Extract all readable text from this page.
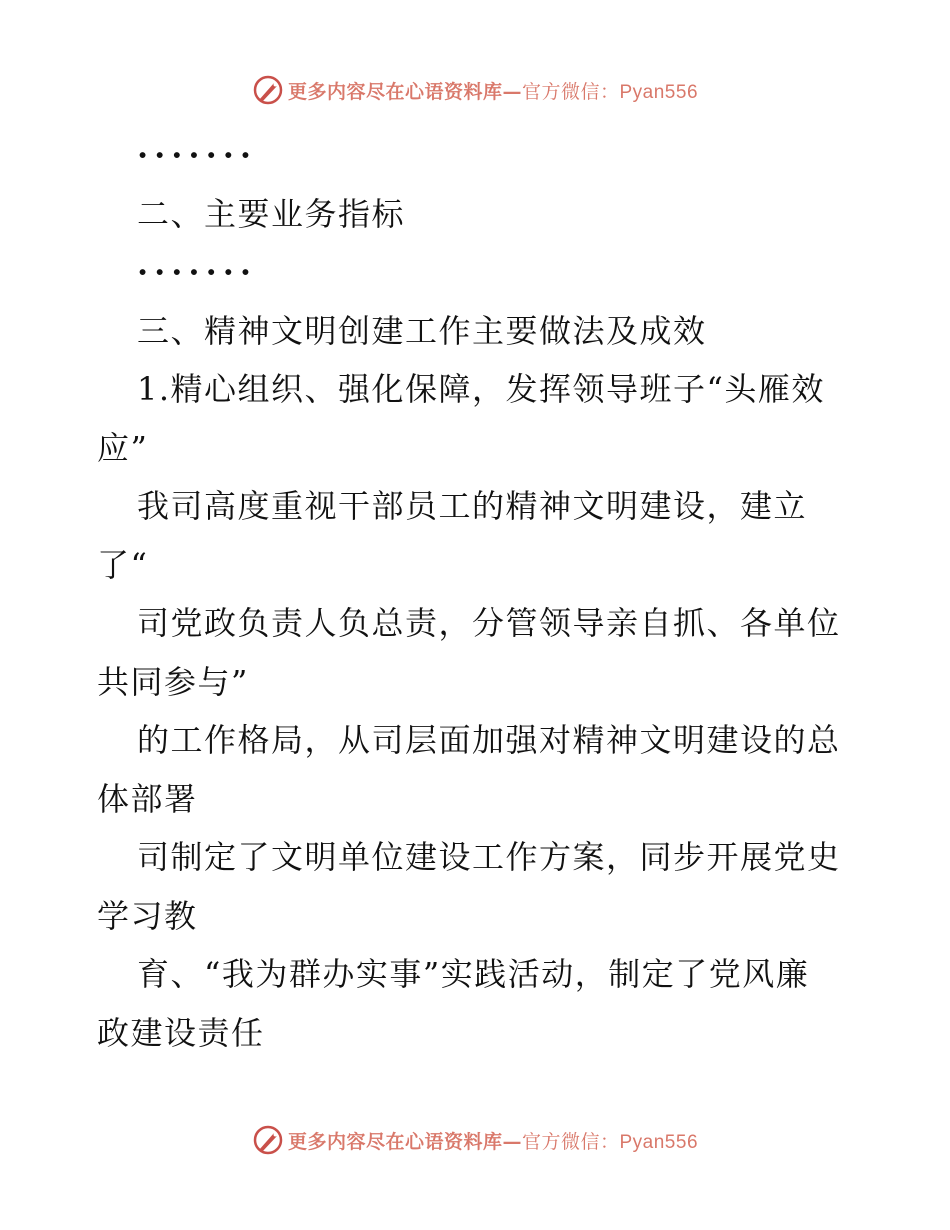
更多内容尽在心语资料库—官方微信：Pyan556
·······
二、主要业务指标
·······
三、精神文明创建工作主要做法及成效
1.精心组织、强化保障，发挥领导班子“头雁效
应”
我司高度重视干部员工的精神文明建设，建立
了“
司党政负责人负总责，分管领导亲自抓、各单位
共同参与”
的工作格局，从司层面加强对精神文明建设的总
体部署
司制定了文明单位建设工作方案，同步开展党史
学习教
育、“我为群办实事”实践活动，制定了党风廉
政建设责任
更多内容尽在心语资料库—官方微信：Pyan556
